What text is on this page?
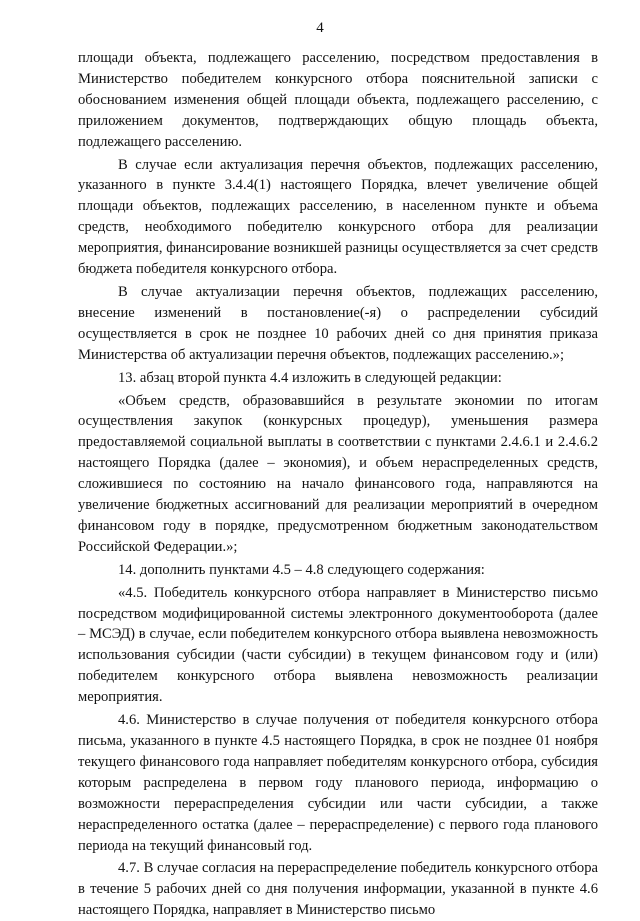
4

площади объекта, подлежащего расселению, посредством предоставления в Министерство победителем конкурсного отбора пояснительной записки с обоснованием изменения общей площади объекта, подлежащего расселению, с приложением документов, подтверждающих общую площадь объекта, подлежащего расселению.

В случае если актуализация перечня объектов, подлежащих расселению, указанного в пункте 3.4.4(1) настоящего Порядка, влечет увеличение общей площади объектов, подлежащих расселению, в населенном пункте и объема средств, необходимого победителю конкурсного отбора для реализации мероприятия, финансирование возникшей разницы осуществляется за счет средств бюджета победителя конкурсного отбора.

В случае актуализации перечня объектов, подлежащих расселению, внесение изменений в постановление(-я) о распределении субсидий осуществляется в срок не позднее 10 рабочих дней со дня принятия приказа Министерства об актуализации перечня объектов, подлежащих расселению.»;

13. абзац второй пункта 4.4 изложить в следующей редакции:

«Объем средств, образовавшийся в результате экономии по итогам осуществления закупок (конкурсных процедур), уменьшения размера предоставляемой социальной выплаты в соответствии с пунктами 2.4.6.1 и 2.4.6.2 настоящего Порядка (далее – экономия), и объем нераспределенных средств, сложившиеся по состоянию на начало финансового года, направляются на увеличение бюджетных ассигнований для реализации мероприятий в очередном финансовом году в порядке, предусмотренном бюджетным законодательством Российской Федерации.»;

14. дополнить пунктами 4.5 – 4.8 следующего содержания:

«4.5. Победитель конкурсного отбора направляет в Министерство письмо посредством модифицированной системы электронного документооборота (далее – МСЭД) в случае, если победителем конкурсного отбора выявлена невозможность использования субсидии (части субсидии) в текущем финансовом году и (или) победителем конкурсного отбора выявлена невозможность реализации мероприятия.

4.6. Министерство в случае получения от победителя конкурсного отбора письма, указанного в пункте 4.5 настоящего Порядка, в срок не позднее 01 ноября текущего финансового года направляет победителям конкурсного отбора, субсидия которым распределена в первом году планового периода, информацию о возможности перераспределения субсидии или части субсидии, а также нераспределенного остатка (далее – перераспределение) с первого года планового периода на текущий финансовый год.

4.7. В случае согласия на перераспределение победитель конкурсного отбора в течение 5 рабочих дней со дня получения информации, указанной в пункте 4.6 настоящего Порядка, направляет в Министерство письмо
